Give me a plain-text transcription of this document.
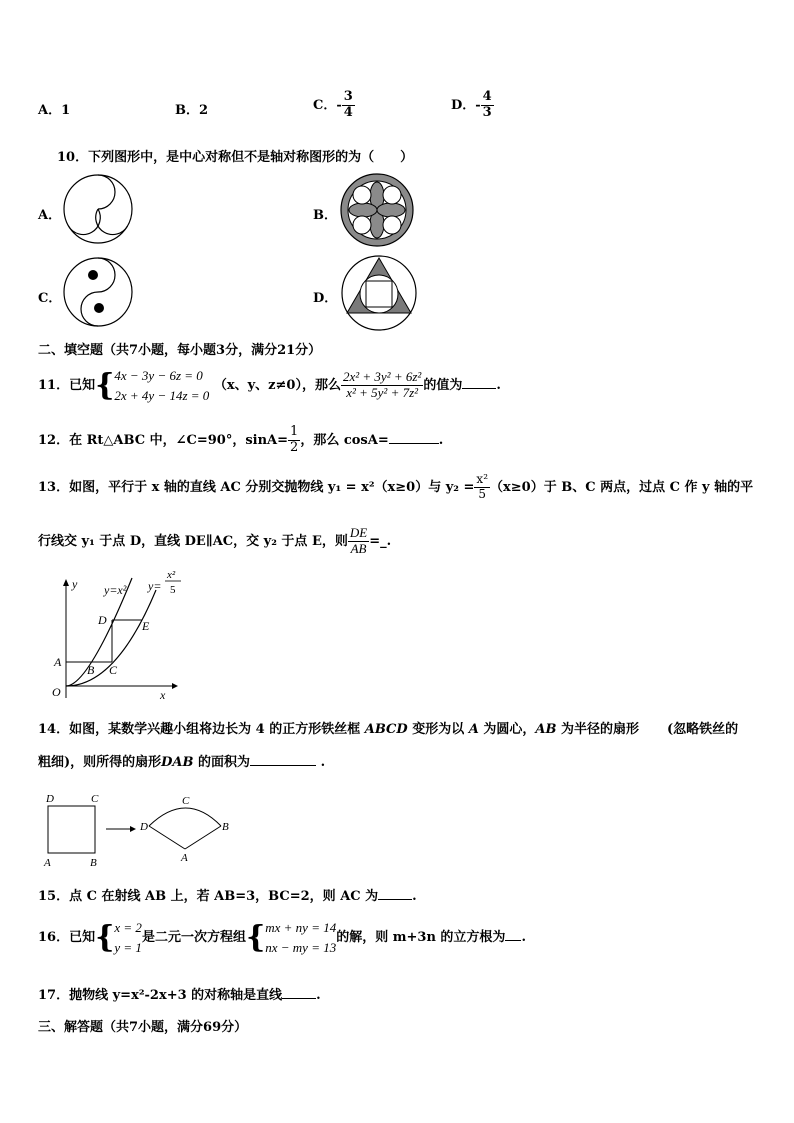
A．1	B．2	C．- $\frac{3}{4}$	D．- $\frac{4}{3}$
10．下列图形中，是中心对称但不是轴对称图形的为（　　）
A．	B．
C．	D．
二、填空题（共7小题，每小题3分，满分21分）
11．已知{ 4x − 3y − 6z = 0
2x + 4y − 14z = 0
（x、y、z≠0），那么 $\frac{\text{2x² + 3y² + 6z²}}{\text{x² + 5y² + 7z²}}$ 的值为	.
12．在 Rt△ABC 中，∠C=90°，$\sin A= \frac{1}{2}$ ，那么 cosA=	.
13．如图，平行于 x 轴的直线 AC 分别交抛物线 y₁ = x²（x≥0）与 $y_2 = \frac{\text{x²}}{5} (x\ge 0)$于 B、C 两点，过点 C 作 y 轴的平
行线交 y₁ 于点 D，直线 DE∥AC，交 y₂ 于点 E，则 $\frac{DE}{AB}$ =_.
y
x
O
A
B C
D	E
y=x² y=
x²
5
14．如图，某数学兴趣小组将边长为 4 的正方形铁丝框 ABCD 变形为以 A 为圆心，AB 为半径的扇形 (忽略铁丝的
粗细)，则所得的扇形DAB 的面积为	.
D	C
A	B
C
D	B
A
15．点 C 在射线 AB 上，若 AB=3，BC=2，则 AC 为	.
16．已知{ x = 2
y = 1
是二元一次方程组{ mx + ny = 14
nx − my = 13
的解，则 m+3n 的立方根为 .
17．抛物线 y=x²-2x+3 的对称轴是直线	.
三、解答题（共7小题，满分69分）
